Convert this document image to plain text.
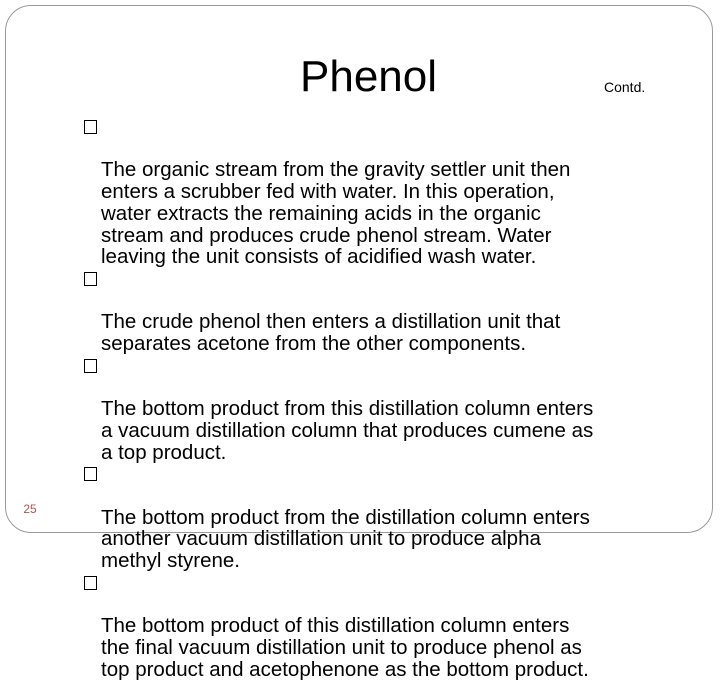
Phenol	Contd.

The organic stream from the gravity settler unit then
enters a scrubber fed with water. In this operation,
water extracts the remaining acids in the organic
stream and produces crude phenol stream. Water
leaving the unit consists of acidified wash water.

The crude phenol then enters a distillation unit that
separates acetone from the other components.

The bottom product from this distillation column enters
a vacuum distillation column that produces cumene as
a top product.

The bottom product from the distillation column enters
another vacuum distillation unit to produce alpha
methyl styrene.

The bottom product of this distillation column enters
the final vacuum distillation unit to produce phenol as
top product and acetophenone as the bottom product.

25
